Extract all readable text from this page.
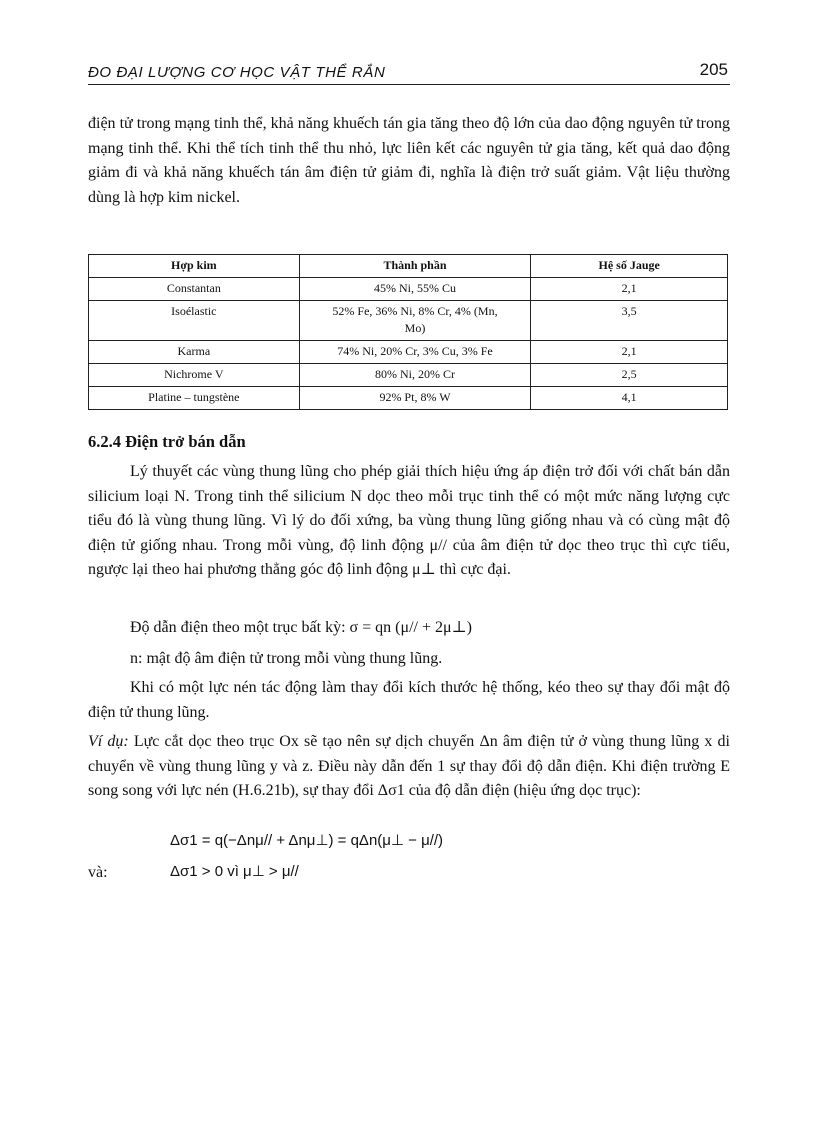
ĐO ĐẠI LƯỢNG CƠ HỌC VẬT THỂ RẮN	205

điện tử trong mạng tinh thể, khả năng khuếch tán gia tăng theo độ lớn của dao động nguyên tử trong mạng tinh thể. Khi thể tích tinh thể thu nhỏ, lực liên kết các nguyên tử gia tăng, kết quả dao động giảm đi và khả năng khuếch tán âm điện tử giảm đi, nghĩa là điện trở suất giảm. Vật liệu thường dùng là hợp kim nickel.

Hợp kim	Thành phần	Hệ số Jauge
Constantan	45% Ni, 55% Cu	2,1
Isoélastic	52% Fe, 36% Ni, 8% Cr, 4% (Mn, Mo)	3,5
Karma	74% Ni, 20% Cr, 3% Cu, 3% Fe	2,1
Nichrome V	80% Ni, 20% Cr	2,5
Platine – tungstène	92% Pt, 8% W	4,1
6.2.4 Điện trở bán dẫn

Lý thuyết các vùng thung lũng cho phép giải thích hiệu ứng áp điện trở đối với chất bán dẫn silicium loại N. Trong tinh thể silicium N dọc theo mỗi trục tinh thể có một mức năng lượng cực tiểu đó là vùng thung lũng. Vì lý do đối xứng, ba vùng thung lũng giống nhau và có cùng mật độ điện tử giống nhau. Trong mỗi vùng, độ linh động μ// của âm điện tử dọc theo trục thì cực tiểu, ngược lại theo hai phương thẳng góc độ linh động μ⊥ thì cực đại.

Độ dẫn điện theo một trục bất kỳ: σ = qn (μ// + 2μ⊥)

n: mật độ âm điện tử trong mỗi vùng thung lũng.

Khi có một lực nén tác động làm thay đổi kích thước hệ thống, kéo theo sự thay đổi mật độ điện tử thung lũng.

Ví dụ: Lực cắt dọc theo trục Ox sẽ tạo nên sự dịch chuyển Δn âm điện tử ở vùng thung lũng x di chuyển về vùng thung lũng y và z. Điều này dẫn đến 1 sự thay đổi độ dẫn điện. Khi điện trường E song song với lực nén (H.6.21b), sự thay đổi Δσ1 của độ dẫn điện (hiệu ứng dọc trục):

Δσ1 = q(−Δnμ// + Δnμ⊥) = qΔn(μ⊥ − μ//)
và:	Δσ1 > 0 vì μ⊥ > μ//
